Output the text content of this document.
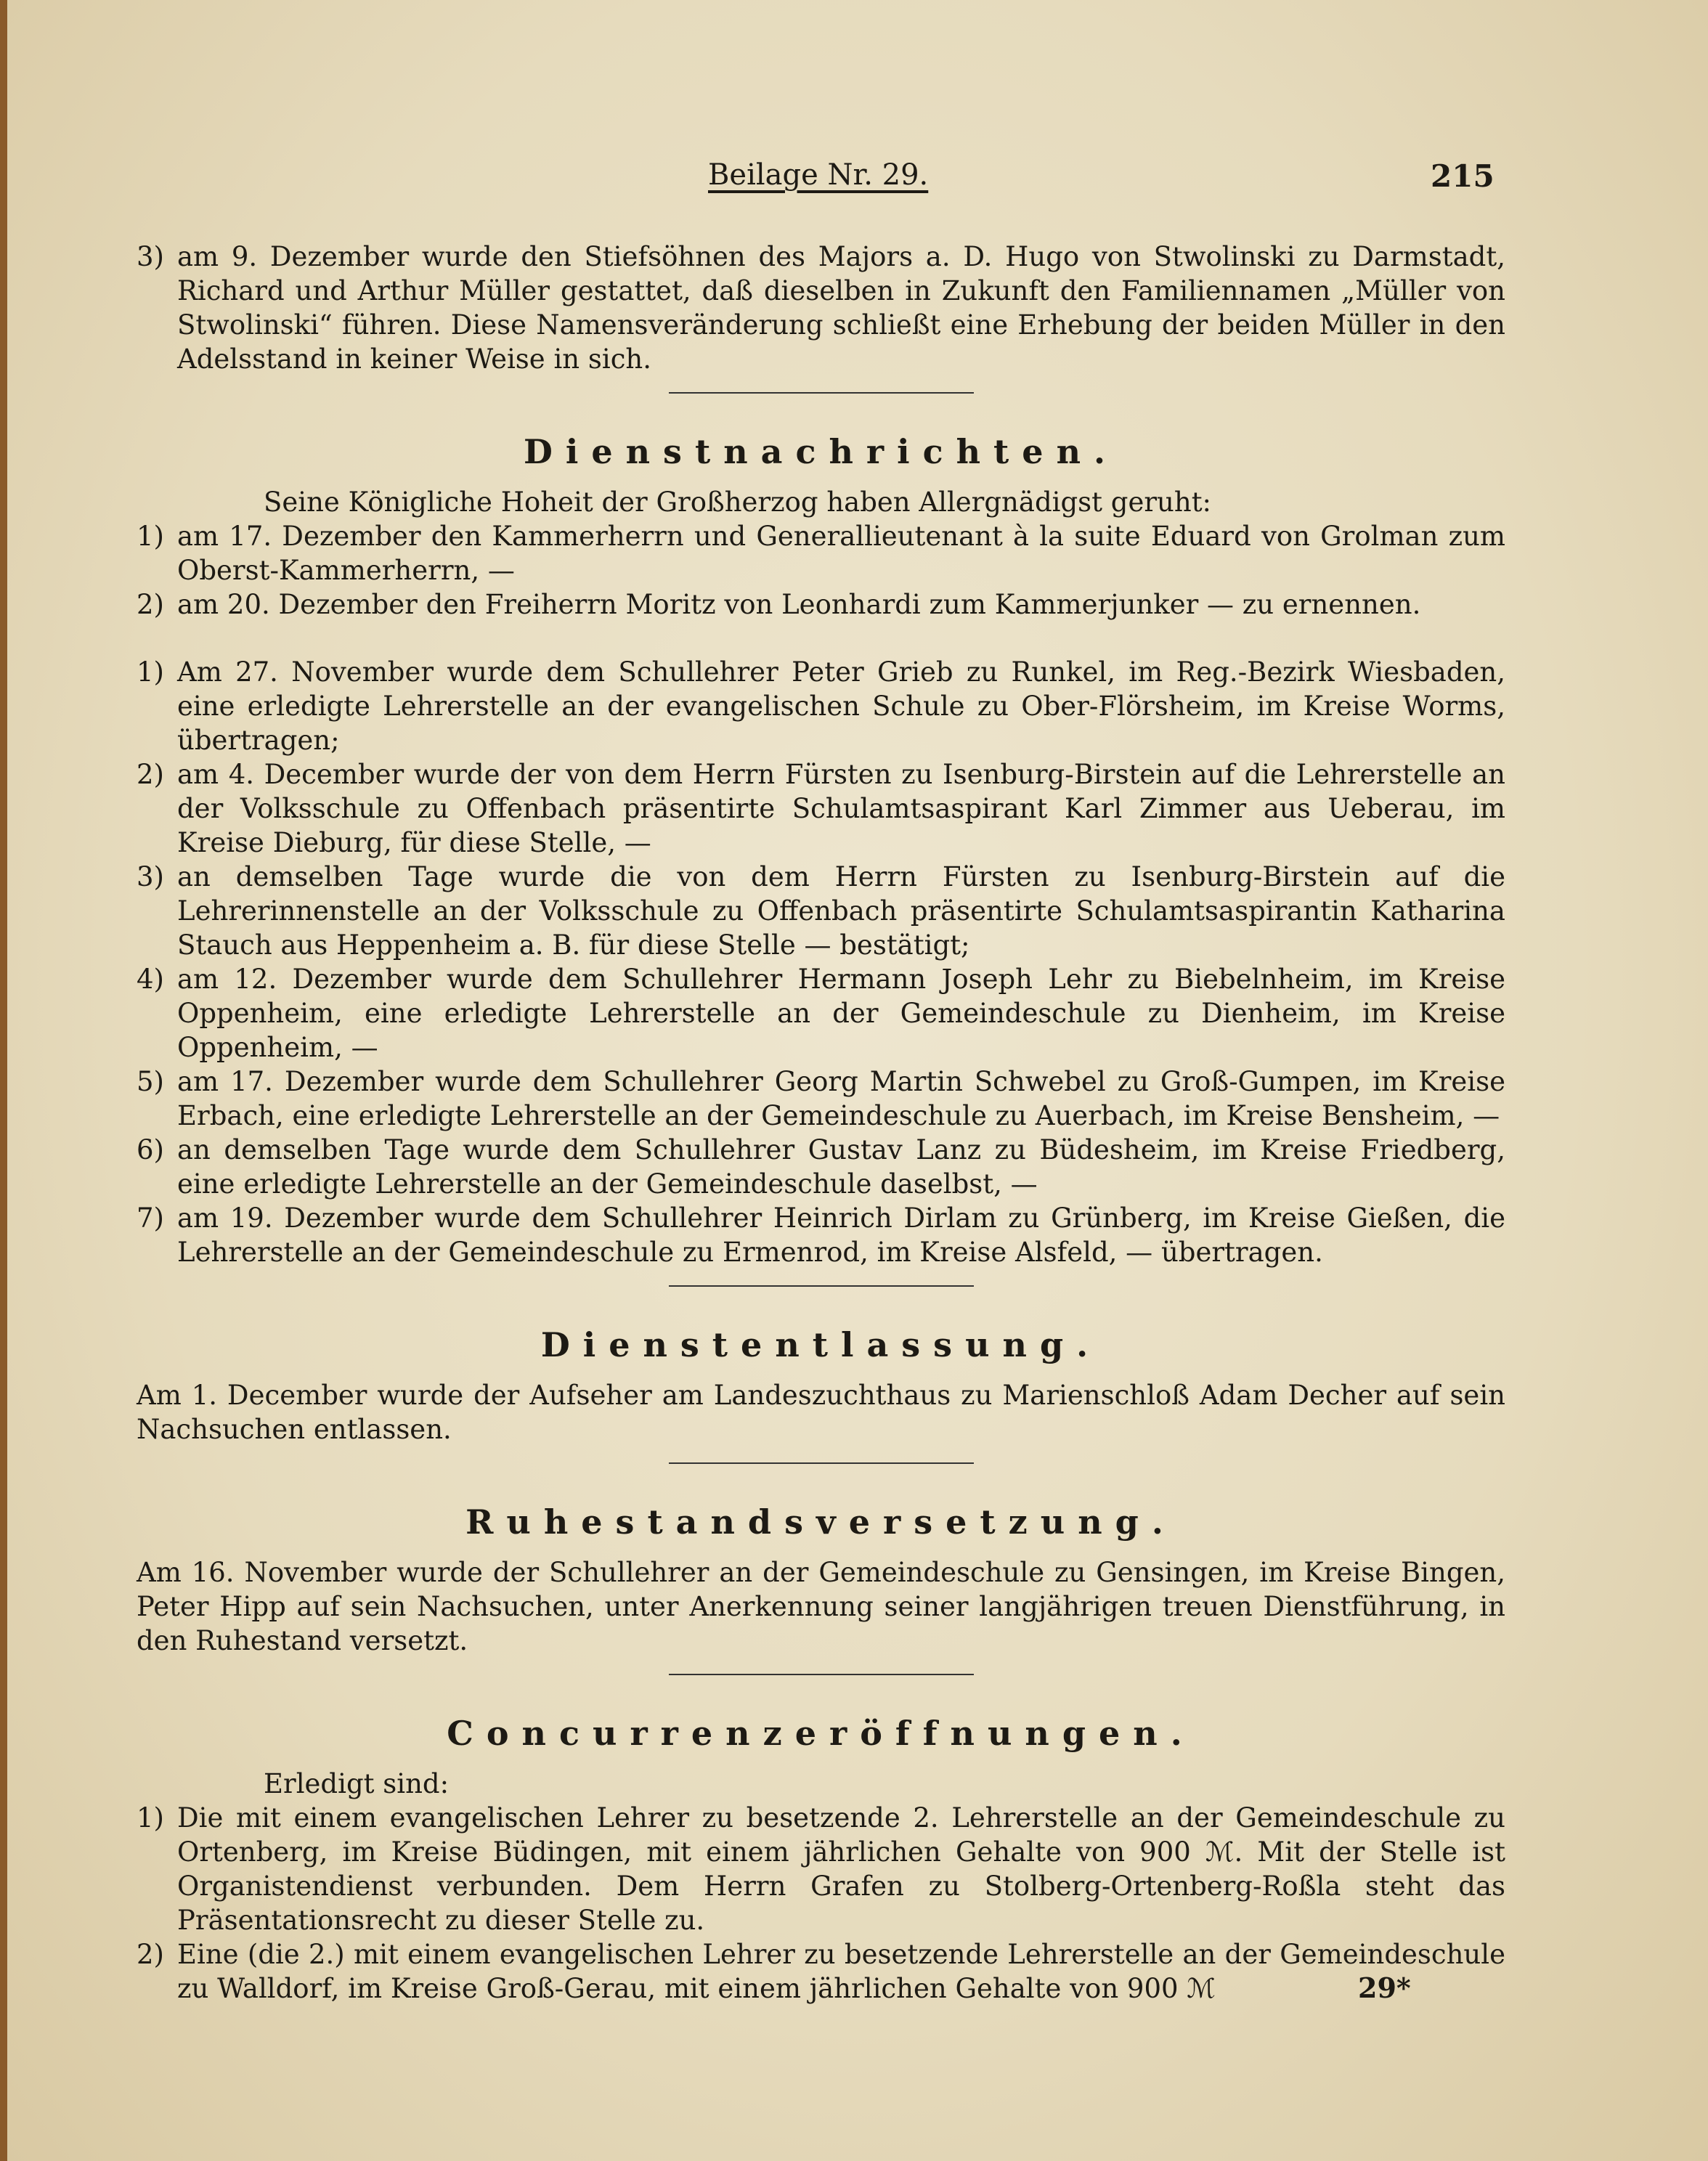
Beilage Nr. 29.	215

3) am 9. Dezember wurde den Stiefsöhnen des Majors a. D. Hugo von Stwolinski zu Darmstadt, Richard und Arthur Müller gestattet, daß dieselben in Zukunft den Familiennamen „Müller von Stwolinski“ führen. Diese Namensveränderung schließt eine Erhebung der beiden Müller in den Adelsstand in keiner Weise in sich.

Dienstnachrichten.

Seine Königliche Hoheit der Großherzog haben Allergnädigst geruht:

1) am 17. Dezember den Kammerherrn und Generallieutenant à la suite Eduard von Grolman zum Oberst-Kammerherrn, —

2) am 20. Dezember den Freiherrn Moritz von Leonhardi zum Kammerjunker — zu ernennen.

1) Am 27. November wurde dem Schullehrer Peter Grieb zu Runkel, im Reg.-Bezirk Wiesbaden, eine erledigte Lehrerstelle an der evangelischen Schule zu Ober-Flörsheim, im Kreise Worms, übertragen;

2) am 4. December wurde der von dem Herrn Fürsten zu Isenburg-Birstein auf die Lehrerstelle an der Volksschule zu Offenbach präsentirte Schulamtsaspirant Karl Zimmer aus Ueberau, im Kreise Dieburg, für diese Stelle, —

3) an demselben Tage wurde die von dem Herrn Fürsten zu Isenburg-Birstein auf die Lehrerinnenstelle an der Volksschule zu Offenbach präsentirte Schulamtsaspirantin Katharina Stauch aus Heppenheim a. B. für diese Stelle — bestätigt;

4) am 12. Dezember wurde dem Schullehrer Hermann Joseph Lehr zu Biebelnheim, im Kreise Oppenheim, eine erledigte Lehrerstelle an der Gemeindeschule zu Dienheim, im Kreise Oppenheim, —

5) am 17. Dezember wurde dem Schullehrer Georg Martin Schwebel zu Groß-Gumpen, im Kreise Erbach, eine erledigte Lehrerstelle an der Gemeindeschule zu Auerbach, im Kreise Bensheim, —

6) an demselben Tage wurde dem Schullehrer Gustav Lanz zu Büdesheim, im Kreise Friedberg, eine erledigte Lehrerstelle an der Gemeindeschule daselbst, —

7) am 19. Dezember wurde dem Schullehrer Heinrich Dirlam zu Grünberg, im Kreise Gießen, die Lehrerstelle an der Gemeindeschule zu Ermenrod, im Kreise Alsfeld, — übertragen.

Dienstentlassung.

Am 1. December wurde der Aufseher am Landeszuchthaus zu Marienschloß Adam Decher auf sein Nachsuchen entlassen.

Ruhestandsversetzung.

Am 16. November wurde der Schullehrer an der Gemeindeschule zu Gensingen, im Kreise Bingen, Peter Hipp auf sein Nachsuchen, unter Anerkennung seiner langjährigen treuen Dienstführung, in den Ruhestand versetzt.

Concurrenzeröffnungen.

Erledigt sind:

1) Die mit einem evangelischen Lehrer zu besetzende 2. Lehrerstelle an der Gemeindeschule zu Ortenberg, im Kreise Büdingen, mit einem jährlichen Gehalte von 900 ℳ. Mit der Stelle ist Organistendienst verbunden. Dem Herrn Grafen zu Stolberg-Ortenberg-Roßla steht das Präsentationsrecht zu dieser Stelle zu.

2) Eine (die 2.) mit einem evangelischen Lehrer zu besetzende Lehrerstelle an der Gemeindeschule zu Walldorf, im Kreise Groß-Gerau, mit einem jährlichen Gehalte von 900 ℳ	29*
